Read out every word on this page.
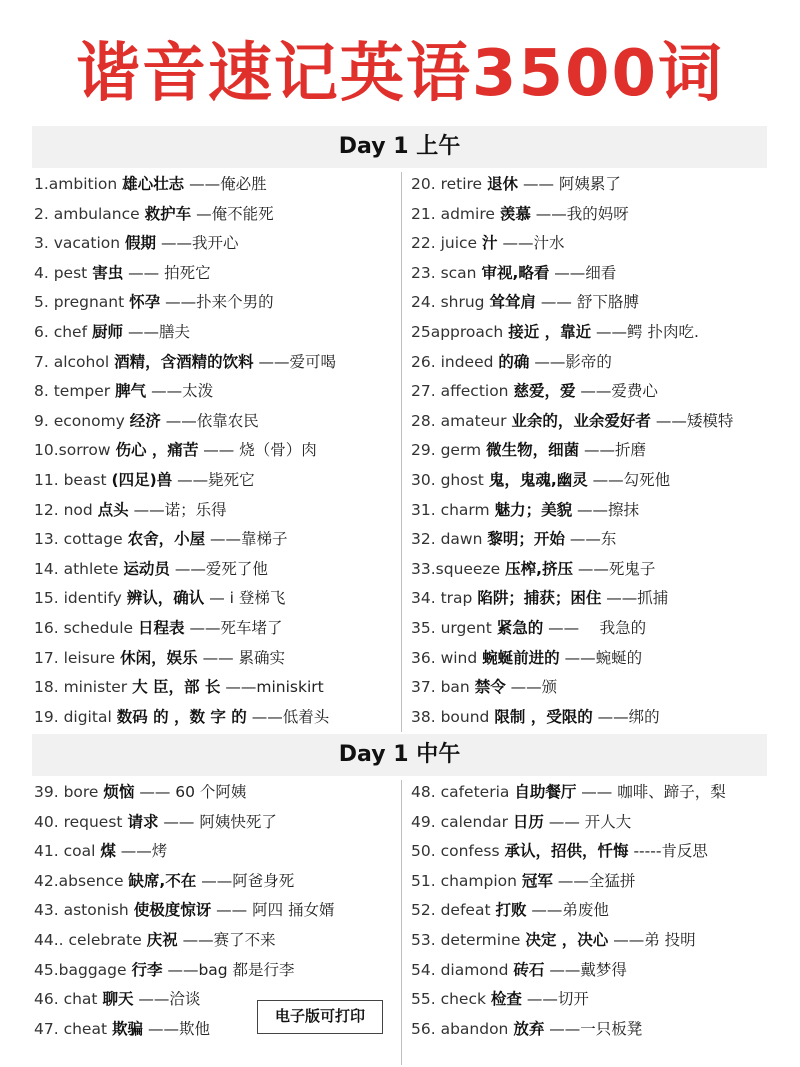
谐音速记英语3500词
Day 1 上午
1.ambition 雄心壮志 ——俺必胜
2. ambulance 救护车 —俺不能死
3. vacation 假期 ——我开心
4. pest 害虫 —— 拍死它
5. pregnant 怀孕 ——扑来个男的
6. chef 厨师 ——膳夫
7. alcohol 酒精，含酒精的饮料 ——爱可喝
8. temper 脾气 ——太泼
9. economy 经济 ——依靠农民
10.sorrow 伤心 ，痛苦 —— 烧（骨）肉
11. beast (四足)兽 ——毙死它
12. nod 点头 ——诺；乐得
13. cottage 农舍，小屋 ——靠梯子
14. athlete 运动员 ——爱死了他
15. identify 辨认，确认 — i 登梯飞
16. schedule 日程表 ——死车堵了
17. leisure 休闲，娱乐 —— 累确实
18. minister 大 臣，部 长 ——miniskirt
19. digital 数码 的 ，数 字 的 ——低着头
20. retire 退休 —— 阿姨累了
21. admire 羡慕 ——我的妈呀
22. juice 汁 ——汁水
23. scan 审视,略看 ——细看
24. shrug 耸耸肩 —— 舒下胳膊
25approach 接近 ，靠近 ——鳄 扑肉吃.
26. indeed 的确 ——影帝的
27. affection 慈爱，爱 ——爱费心
28. amateur 业余的，业余爱好者 ——矮模特
29. germ 微生物，细菌 ——折磨
30. ghost 鬼，鬼魂,幽灵 ——勾死他
31. charm 魅力；美貌 ——擦抹
32. dawn 黎明；开始 ——东
33.squeeze 压榨,挤压 ——死鬼子
34. trap 陷阱；捕获；困住 ——抓捕
35. urgent 紧急的 ——　 我急的
36. wind 蜿蜒前进的 ——蜿蜒的
37. ban 禁令 ——颁
38. bound 限制 ，受限的 ——绑的
Day 1 中午
39. bore 烦恼 —— 60 个阿姨
40. request 请求 —— 阿姨快死了
41. coal 煤 ——烤
42.absence 缺席,不在 ——阿爸身死
43. astonish 使极度惊讶 —— 阿四 捅女婿
44.. celebrate 庆祝 ——赛了不来
45.baggage 行李 ——bag 都是行李
46. chat 聊天 ——洽谈
47. cheat 欺骗 ——欺他
48. cafeteria 自助餐厅 —— 咖啡、蹄子，梨
49. calendar 日历 —— 开人大
50. confess 承认，招供，忏悔 -----肯反思
51. champion 冠军 ——全猛拼
52. defeat 打败 ——弟废他
53. determine 决定 ，决心 ——弟 投明
54. diamond 砖石 ——戴梦得
55. check 检查 ——切开
56. abandon 放弃 ——一只板凳
电子版可打印
